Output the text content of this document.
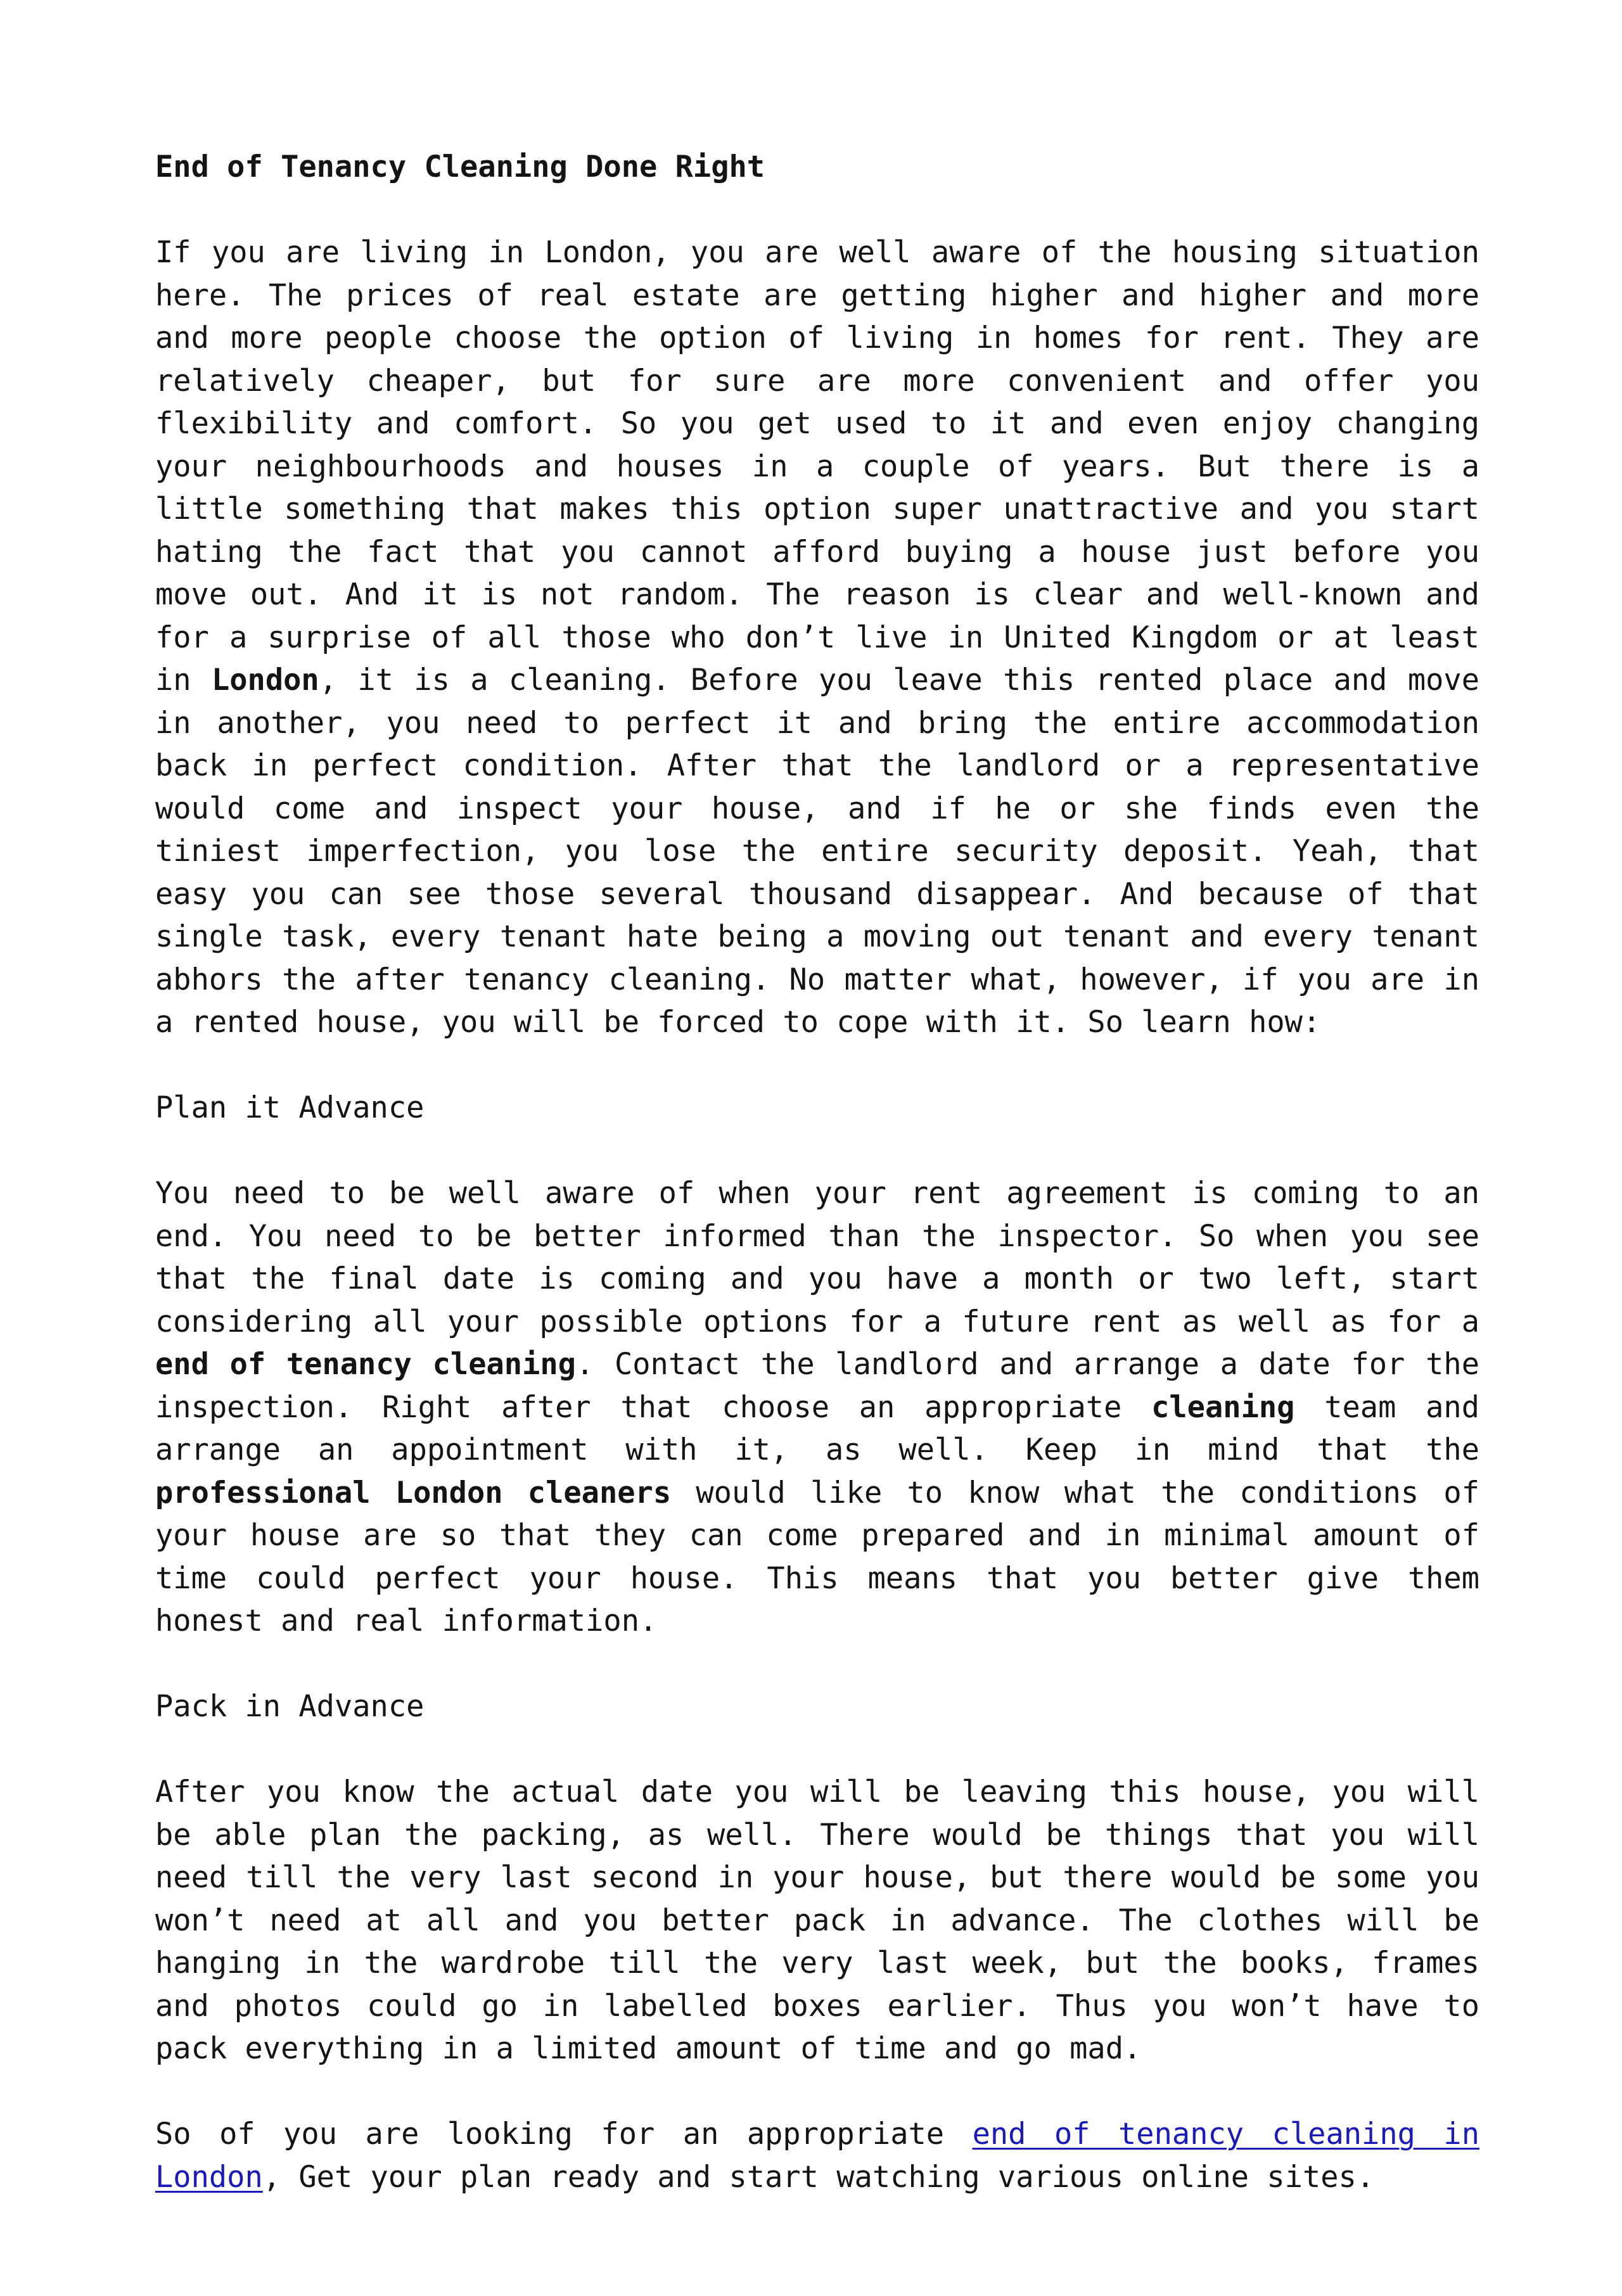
End of Tenancy Cleaning Done Right

If you are living in London, you are well aware of the housing situation here. The prices of real estate are getting higher and higher and more and more people choose the option of living in homes for rent. They are relatively cheaper, but for sure are more convenient and offer you flexibility and comfort. So you get used to it and even enjoy changing your neighbourhoods and houses in a couple of years. But there is a little something that makes this option super unattractive and you start hating the fact that you cannot afford buying a house just before you move out. And it is not random. The reason is clear and well-known and for a surprise of all those who don’t live in United Kingdom or at least in London, it is a cleaning. Before you leave this rented place and move in another, you need to perfect it and bring the entire accommodation back in perfect condition. After that the landlord or a representative would come and inspect your house, and if he or she finds even the tiniest imperfection, you lose the entire security deposit. Yeah, that easy you can see those several thousand disappear. And because of that single task, every tenant hate being a moving out tenant and every tenant abhors the after tenancy cleaning. No matter what, however, if you are in a rented house, you will be forced to cope with it. So learn how:

Plan it Advance

You need to be well aware of when your rent agreement is coming to an end. You need to be better informed than the inspector. So when you see that the final date is coming and you have a month or two left, start considering all your possible options for a future rent as well as for a end of tenancy cleaning. Contact the landlord and arrange a date for the inspection. Right after that choose an appropriate cleaning team and arrange an appointment with it, as well. Keep in mind that the professional London cleaners would like to know what the conditions of your house are so that they can come prepared and in minimal amount of time could perfect your house. This means that you better give them honest and real information.

Pack in Advance

After you know the actual date you will be leaving this house, you will be able plan the packing, as well. There would be things that you will need till the very last second in your house, but there would be some you won’t need at all and you better pack in advance. The clothes will be hanging in the wardrobe till the very last week, but the books, frames and photos could go in labelled boxes earlier. Thus you won’t have to pack everything in a limited amount of time and go mad.

So of you are looking for an appropriate end of tenancy cleaning in London, Get your plan ready and start watching various online sites.
